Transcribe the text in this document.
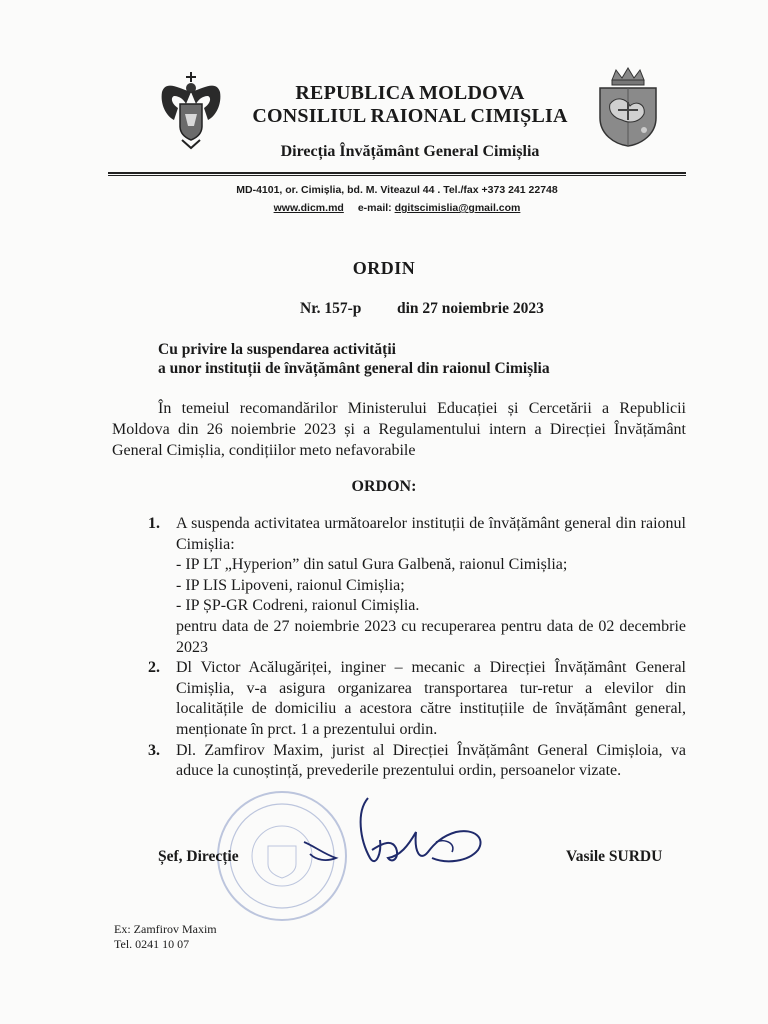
REPUBLICA MOLDOVA
CONSILIUL RAIONAL CIMIȘLIA
Direcția Învățământ General Cimișlia
MD-4101, or. Cimișlia, bd. M. Viteazul 44 . Tel./fax +373 241 22748
www.dicm.md e-mail: dgitscimislia@gmail.com
ORDIN
Nr. 157-p din 27 noiembrie 2023
Cu privire la suspendarea activității
a unor instituții de învățământ general din raionul Cimișlia
În temeiul recomandărilor Ministerului Educației și Cercetării a Republicii Moldova din 26 noiembrie 2023 și a Regulamentului intern a Direcției Învățământ General Cimișlia, condițiilor meto nefavorabile
ORDON:
1. A suspenda activitatea următoarelor instituții de învățământ general din raionul Cimișlia:
- IP LT „Hyperion” din satul Gura Galbenă, raionul Cimișlia;
- IP LIS Lipoveni, raionul Cimișlia;
- IP ȘP-GR Codreni, raionul Cimișlia.
pentru data de 27 noiembrie 2023 cu recuperarea pentru data de 02 decembrie 2023
2. Dl Victor Acălugăriței, inginer – mecanic a Direcției Învățământ General Cimișlia, v-a asigura organizarea transportarea tur-retur a elevilor din localitățile de domiciliu a acestora către instituțiile de învățământ general, menționate în prct. 1 a prezentului ordin.
3. Dl. Zamfirov Maxim, jurist al Direcției Învățământ General Cimișloia, va aduce la cunoștință, prevederile prezentului ordin, persoanelor vizate.
Șef, Direcție	Vasile SURDU
Ex: Zamfirov Maxim
Tel. 0241 10 07
